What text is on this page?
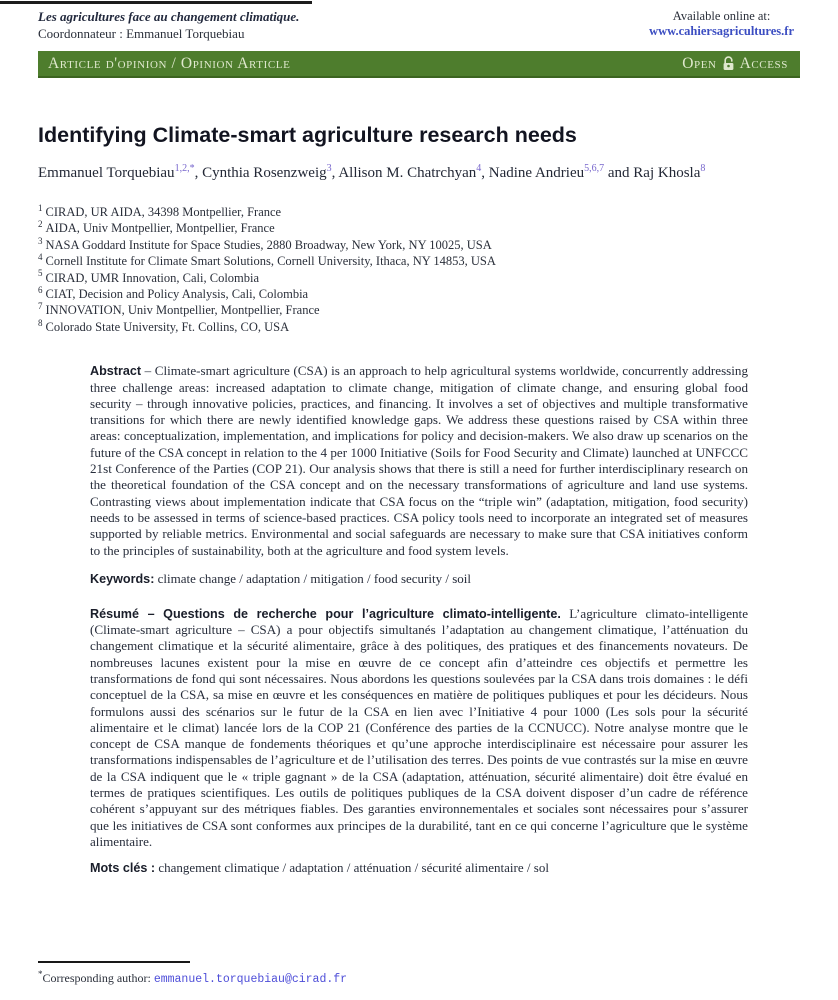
Les agricultures face au changement climatique.
Coordonnateur : Emmanuel Torquebiau
Available online at:
www.cahiersagricultures.fr
Article d'opinion / Opinion Article	Open Access
Identifying Climate-smart agriculture research needs
Emmanuel Torquebiau$^{1,2,*}$, Cynthia Rosenzweig$^3$, Allison M. Chatrchyan$^4$, Nadine Andrieu$^{5,6,7}$ and Raj Khosla$^8$
$^1$ CIRAD, UR AIDA, 34398 Montpellier, France
$^2$ AIDA, Univ Montpellier, Montpellier, France
$^3$ NASA Goddard Institute for Space Studies, 2880 Broadway, New York, NY 10025, USA
$^4$ Cornell Institute for Climate Smart Solutions, Cornell University, Ithaca, NY 14853, USA
$^5$ CIRAD, UMR Innovation, Cali, Colombia
$^6$ CIAT, Decision and Policy Analysis, Cali, Colombia
$^7$ INNOVATION, Univ Montpellier, Montpellier, France
$^8$ Colorado State University, Ft. Collins, CO, USA

Abstract – Climate-smart agriculture (CSA) is an approach to help agricultural systems worldwide, concurrently addressing three challenge areas: increased adaptation to climate change, mitigation of climate change, and ensuring global food security – through innovative policies, practices, and financing. It involves a set of objectives and multiple transformative transitions for which there are newly identified knowledge gaps. We address these questions raised by CSA within three areas: conceptualization, implementation, and implications for policy and decision-makers. We also draw up scenarios on the future of the CSA concept in relation to the 4 per 1000 Initiative (Soils for Food Security and Climate) launched at UNFCCC 21st Conference of the Parties (COP 21). Our analysis shows that there is still a need for further interdisciplinary research on the theoretical foundation of the CSA concept and on the necessary transformations of agriculture and land use systems. Contrasting views about implementation indicate that CSA focus on the “triple win” (adaptation, mitigation, food security) needs to be assessed in terms of science-based practices. CSA policy tools need to incorporate an integrated set of measures supported by reliable metrics. Environmental and social safeguards are necessary to make sure that CSA initiatives conform to the principles of sustainability, both at the agriculture and food system levels.

Keywords: climate change / adaptation / mitigation / food security / soil

Résumé – Questions de recherche pour l’agriculture climato-intelligente. L’agriculture climato-intelligente (Climate-smart agriculture – CSA) a pour objectifs simultanés l’adaptation au changement climatique, l’atténuation du changement climatique et la sécurité alimentaire, grâce à des politiques, des pratiques et des financements novateurs. De nombreuses lacunes existent pour la mise en œuvre de ce concept afin d’atteindre ces objectifs et permettre les transformations de fond qui sont nécessaires. Nous abordons les questions soulevées par la CSA dans trois domaines : le défi conceptuel de la CSA, sa mise en œuvre et les conséquences en matière de politiques publiques et pour les décideurs. Nous formulons aussi des scénarios sur le futur de la CSA en lien avec l’Initiative 4 pour 1000 (Les sols pour la sécurité alimentaire et le climat) lancée lors de la COP 21 (Conférence des parties de la CCNUCC). Notre analyse montre que le concept de CSA manque de fondements théoriques et qu’une approche interdisciplinaire est nécessaire pour assurer les transformations indispensables de l’agriculture et de l’utilisation des terres. Des points de vue contrastés sur la mise en œuvre de la CSA indiquent que le « triple gagnant » de la CSA (adaptation, atténuation, sécurité alimentaire) doit être évalué en termes de pratiques scientifiques. Les outils de politiques publiques de la CSA doivent disposer d’un cadre de référence cohérent s’appuyant sur des métriques fiables. Des garanties environnementales et sociales sont nécessaires pour s’assurer que les initiatives de CSA sont conformes aux principes de la durabilité, tant en ce qui concerne l’agriculture que le système alimentaire.

Mots clés : changement climatique / adaptation / atténuation / sécurité alimentaire / sol
*Corresponding author: emmanuel.torquebiau@cirad.fr
